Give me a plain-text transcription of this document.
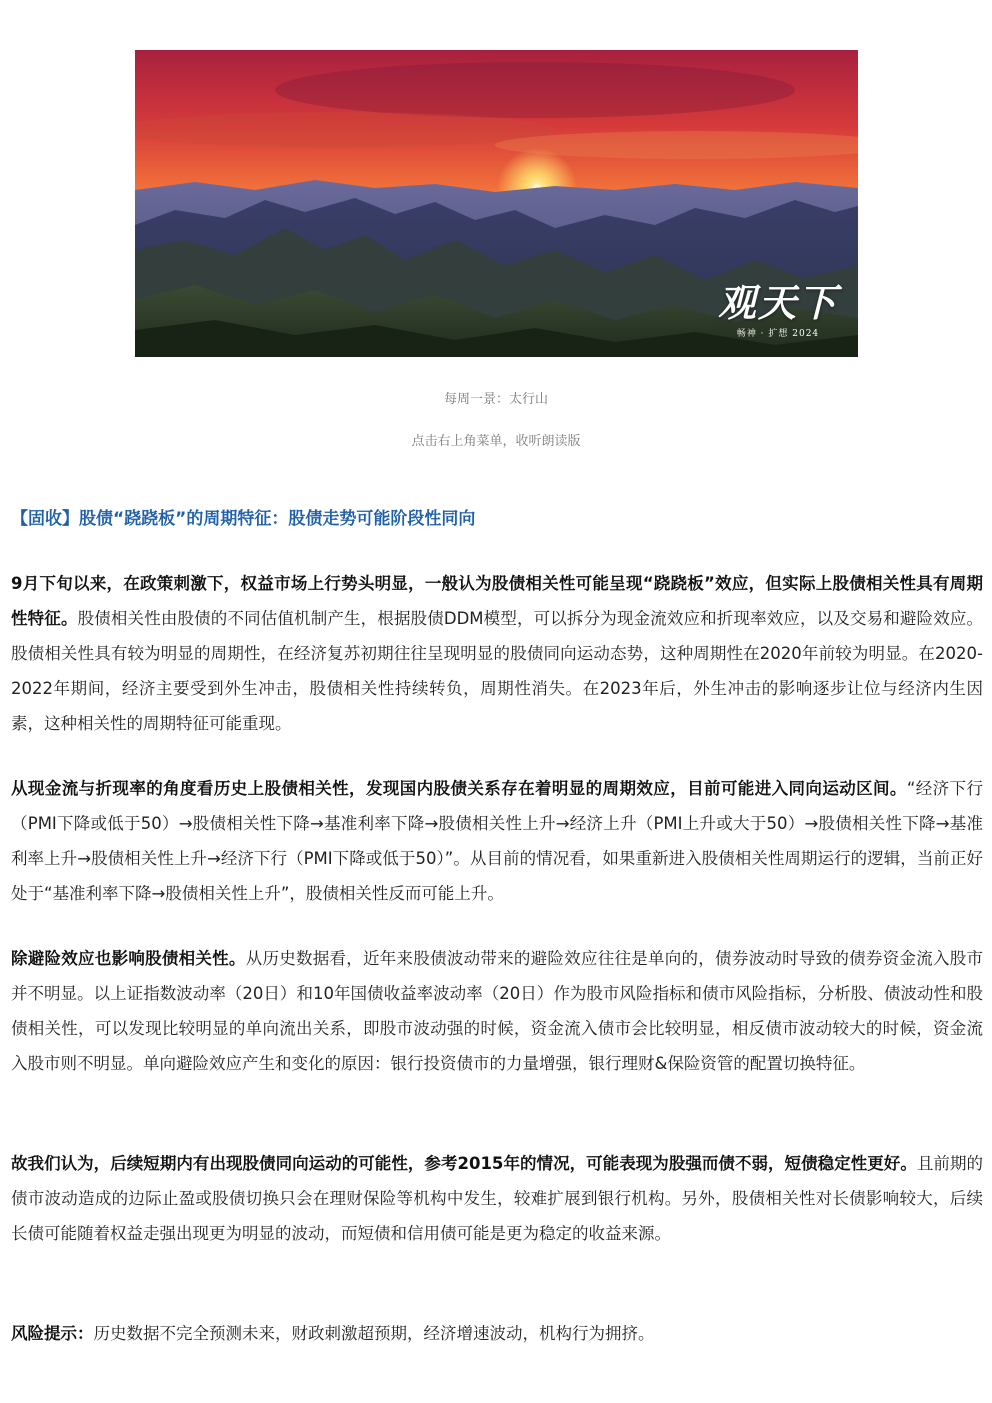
观天下
畅神 · 扩想 2024
每周一景：太行山
点击右上角菜单，收听朗读版
【固收】股债“跷跷板”的周期特征：股债走势可能阶段性同向
9月下旬以来，在政策刺激下，权益市场上行势头明显，一般认为股债相关性可能呈现“跷跷板”效应，但实际上股债相关性具有周期性特征。股债相关性由股债的不同估值机制产生，根据股债DDM模型，可以拆分为现金流效应和折现率效应，以及交易和避险效应。股债相关性具有较为明显的周期性，在经济复苏初期往往呈现明显的股债同向运动态势，这种周期性在2020年前较为明显。在2020-2022年期间，经济主要受到外生冲击，股债相关性持续转负，周期性消失。在2023年后，外生冲击的影响逐步让位与经济内生因素，这种相关性的周期特征可能重现。
从现金流与折现率的角度看历史上股债相关性，发现国内股债关系存在着明显的周期效应，目前可能进入同向运动区间。“经济下行（PMI下降或低于50）→股债相关性下降→基准利率下降→股债相关性上升→经济上升（PMI上升或大于50）→股债相关性下降→基准利率上升→股债相关性上升→经济下行（PMI下降或低于50）”。从目前的情况看，如果重新进入股债相关性周期运行的逻辑，当前正好处于“基准利率下降→股债相关性上升”，股债相关性反而可能上升。
除避险效应也影响股债相关性。从历史数据看，近年来股债波动带来的避险效应往往是单向的，债券波动时导致的债券资金流入股市并不明显。以上证指数波动率（20日）和10年国债收益率波动率（20日）作为股市风险指标和债市风险指标，分析股、债波动性和股债相关性，可以发现比较明显的单向流出关系，即股市波动强的时候，资金流入债市会比较明显，相反债市波动较大的时候，资金流入股市则不明显。单向避险效应产生和变化的原因：银行投资债市的力量增强，银行理财&保险资管的配置切换特征。
故我们认为，后续短期内有出现股债同向运动的可能性，参考2015年的情况，可能表现为股强而债不弱，短债稳定性更好。且前期的债市波动造成的边际止盈或股债切换只会在理财保险等机构中发生，较难扩展到银行机构。另外，股债相关性对长债影响较大，后续长债可能随着权益走强出现更为明显的波动，而短债和信用债可能是更为稳定的收益来源。
风险提示：历史数据不完全预测未来，财政刺激超预期，经济增速波动，机构行为拥挤。
